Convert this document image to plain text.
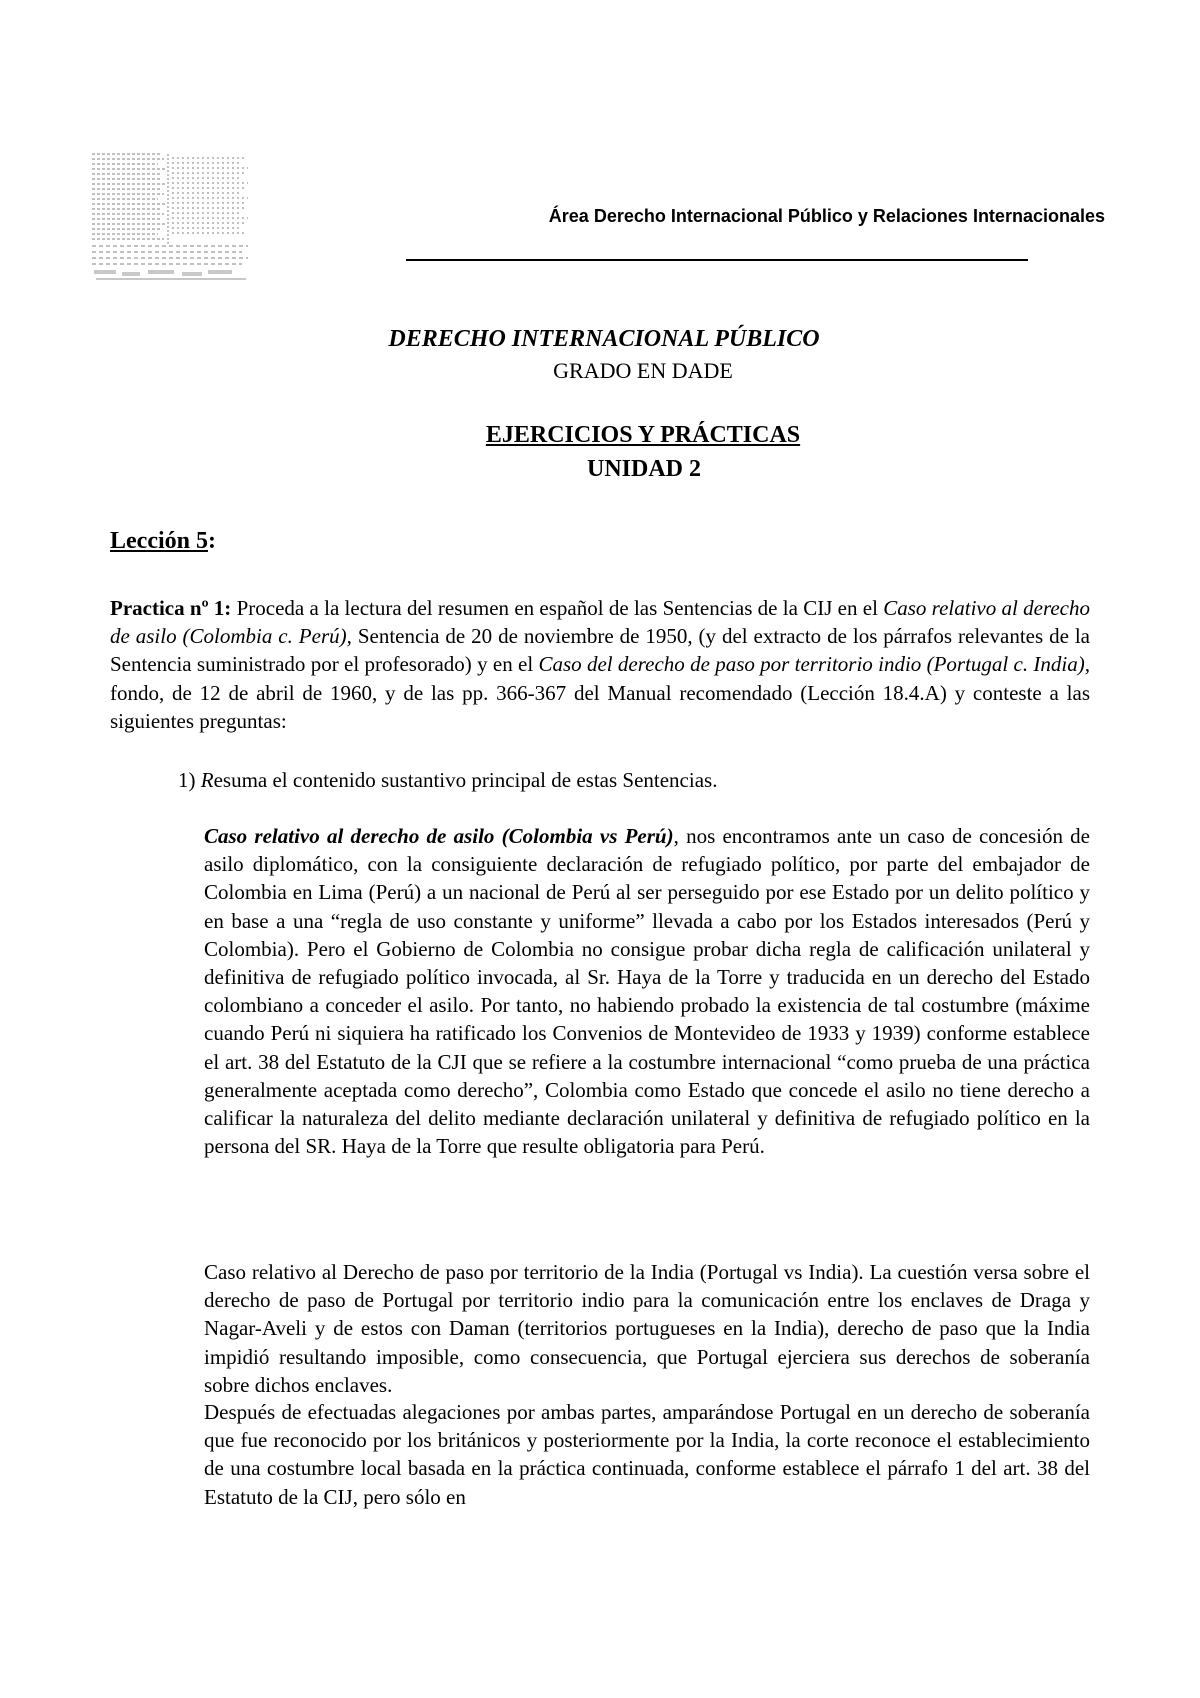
Área Derecho Internacional Público y Relaciones Internacionales
DERECHO INTERNACIONAL PÚBLICO
GRADO EN DADE
EJERCICIOS Y PRÁCTICAS
UNIDAD 2
Lección 5:
Practica nº 1: Proceda a la lectura del resumen en español de las Sentencias de la CIJ en el Caso relativo al derecho de asilo (Colombia c. Perú), Sentencia de 20 de noviembre de 1950, (y del extracto de los párrafos relevantes de la Sentencia suministrado por el profesorado) y en el Caso del derecho de paso por territorio indio (Portugal c. India), fondo, de 12 de abril de 1960, y de las pp. 366-367 del Manual recomendado (Lección 18.4.A) y conteste a las siguientes preguntas:
1) Resuma el contenido sustantivo principal de estas Sentencias.
Caso relativo al derecho de asilo (Colombia vs Perú), nos encontramos ante un caso de concesión de asilo diplomático, con la consiguiente declaración de refugiado político, por parte del embajador de Colombia en Lima (Perú) a un nacional de Perú al ser perseguido por ese Estado por un delito político y en base a una “regla de uso constante y uniforme” llevada a cabo por los Estados interesados (Perú y Colombia). Pero el Gobierno de Colombia no consigue probar dicha regla de calificación unilateral y definitiva de refugiado político invocada, al Sr. Haya de la Torre y traducida en un derecho del Estado colombiano a conceder el asilo. Por tanto, no habiendo probado la existencia de tal costumbre (máxime cuando Perú ni siquiera ha ratificado los Convenios de Montevideo de 1933 y 1939) conforme establece el art. 38 del Estatuto de la CJI que se refiere a la costumbre internacional “como prueba de una práctica generalmente aceptada como derecho”, Colombia como Estado que concede el asilo no tiene derecho a calificar la naturaleza del delito mediante declaración unilateral y definitiva de refugiado político en la persona del SR. Haya de la Torre que resulte obligatoria para Perú.
Caso relativo al Derecho de paso por territorio de la India (Portugal vs India). La cuestión versa sobre el derecho de paso de Portugal por territorio indio para la comunicación entre los enclaves de Draga y Nagar-Aveli y de estos con Daman (territorios portugueses en la India), derecho de paso que la India impidió resultando imposible, como consecuencia, que Portugal ejerciera sus derechos de soberanía sobre dichos enclaves.
Después de efectuadas alegaciones por ambas partes, amparándose Portugal en un derecho de soberanía que fue reconocido por los británicos y posteriormente por la India, la corte reconoce el establecimiento de una costumbre local basada en la práctica continuada, conforme establece el párrafo 1 del art. 38 del Estatuto de la CIJ, pero sólo en
